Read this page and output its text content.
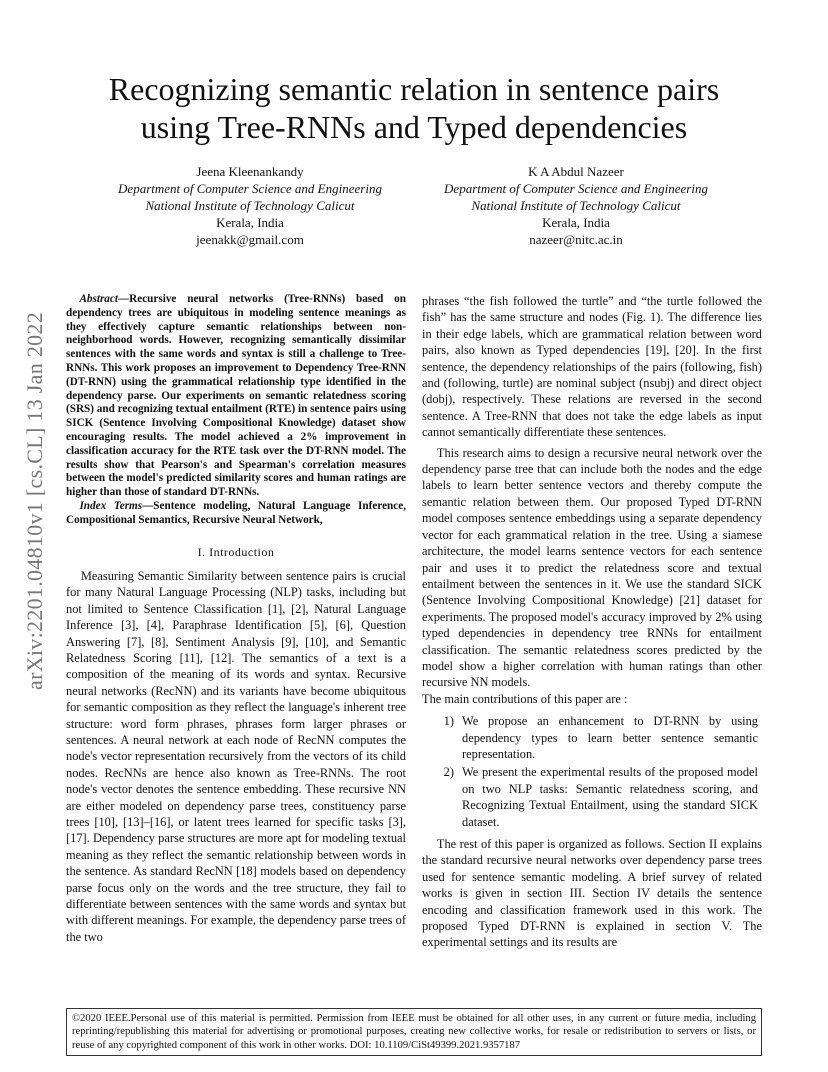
Recognizing semantic relation in sentence pairs
using Tree-RNNs and Typed dependencies
Jeena Kleenankandy
Department of Computer Science and Engineering
National Institute of Technology Calicut
Kerala, India
jeenakk@gmail.com
K A Abdul Nazeer
Department of Computer Science and Engineering
National Institute of Technology Calicut
Kerala, India
nazeer@nitc.ac.in
arXiv:2201.04810v1 [cs.CL] 13 Jan 2022

Abstract—Recursive neural networks (Tree-RNNs) based on dependency trees are ubiquitous in modeling sentence meanings as they effectively capture semantic relationships between non-neighborhood words. However, recognizing semantically dissimilar sentences with the same words and syntax is still a challenge to Tree-RNNs. This work proposes an improvement to Dependency Tree-RNN (DT-RNN) using the grammatical relationship type identified in the dependency parse. Our experiments on semantic relatedness scoring (SRS) and recognizing textual entailment (RTE) in sentence pairs using SICK (Sentence Involving Compositional Knowledge) dataset show encouraging results. The model achieved a 2% improvement in classification accuracy for the RTE task over the DT-RNN model. The results show that Pearson's and Spearman's correlation measures between the model's predicted similarity scores and human ratings are higher than those of standard DT-RNNs.

Index Terms—Sentence modeling, Natural Language Inference, Compositional Semantics, Recursive Neural Network,

I. Introduction

Measuring Semantic Similarity between sentence pairs is crucial for many Natural Language Processing (NLP) tasks, including but not limited to Sentence Classification [1], [2], Natural Language Inference [3], [4], Paraphrase Identification [5], [6], Question Answering [7], [8], Sentiment Analysis [9], [10], and Semantic Relatedness Scoring [11], [12]. The semantics of a text is a composition of the meaning of its words and syntax. Recursive neural networks (RecNN) and its variants have become ubiquitous for semantic composition as they reflect the language's inherent tree structure: word form phrases, phrases form larger phrases or sentences. A neural network at each node of RecNN computes the node's vector representation recursively from the vectors of its child nodes. RecNNs are hence also known as Tree-RNNs. The root node's vector denotes the sentence embedding. These recursive NN are either modeled on dependency parse trees, constituency parse trees [10], [13]–[16], or latent trees learned for specific tasks [3], [17]. Dependency parse structures are more apt for modeling textual meaning as they reflect the semantic relationship between words in the sentence. As standard RecNN [18] models based on dependency parse focus only on the words and the tree structure, they fail to differentiate between sentences with the same words and syntax but with different meanings. For example, the dependency parse trees of the two

phrases “the fish followed the turtle” and “the turtle followed the fish” has the same structure and nodes (Fig. 1). The difference lies in their edge labels, which are grammatical relation between word pairs, also known as Typed dependencies [19], [20]. In the first sentence, the dependency relationships of the pairs (following, fish) and (following, turtle) are nominal subject (nsubj) and direct object (dobj), respectively. These relations are reversed in the second sentence. A Tree-RNN that does not take the edge labels as input cannot semantically differentiate these sentences.

This research aims to design a recursive neural network over the dependency parse tree that can include both the nodes and the edge labels to learn better sentence vectors and thereby compute the semantic relation between them. Our proposed Typed DT-RNN model composes sentence embeddings using a separate dependency vector for each grammatical relation in the tree. Using a siamese architecture, the model learns sentence vectors for each sentence pair and uses it to predict the relatedness score and textual entailment between the sentences in it. We use the standard SICK (Sentence Involving Compositional Knowledge) [21] dataset for experiments. The proposed model's accuracy improved by 2% using typed dependencies in dependency tree RNNs for entailment classification. The semantic relatedness scores predicted by the model show a higher correlation with human ratings than other recursive NN models.

The main contributions of this paper are :

1) We propose an enhancement to DT-RNN by using dependency types to learn better sentence semantic representation.
2) We present the experimental results of the proposed model on two NLP tasks: Semantic relatedness scoring, and Recognizing Textual Entailment, using the standard SICK dataset.

The rest of this paper is organized as follows. Section II explains the standard recursive neural networks over dependency parse trees used for sentence semantic modeling. A brief survey of related works is given in section III. Section IV details the sentence encoding and classification framework used in this work. The proposed Typed DT-RNN is explained in section V. The experimental settings and its results are

©2020 IEEE.Personal use of this material is permitted. Permission from IEEE must be obtained for all other uses, in any current or future media, including reprinting/republishing this material for advertising or promotional purposes, creating new collective works, for resale or redistribution to servers or lists, or reuse of any copyrighted component of this work in other works. DOI: 10.1109/CiSt49399.2021.9357187
